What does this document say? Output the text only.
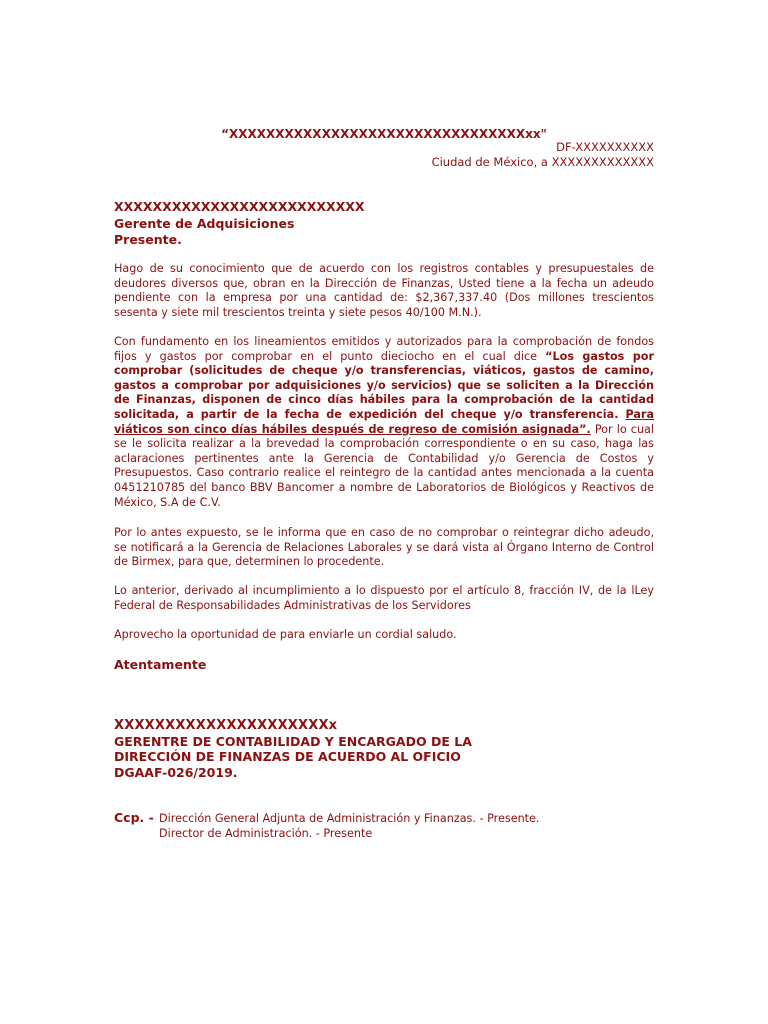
“XXXXXXXXXXXXXXXXXXXXXXXXXXXXXXXXxx"
DF-XXXXXXXXXX
Ciudad de México, a XXXXXXXXXXXXX
XXXXXXXXXXXXXXXXXXXXXXXXXX
Gerente de Adquisiciones
Presente.
Hago de su conocimiento que de acuerdo con los registros contables y presupuestales de deudores diversos que, obran en la Dirección de Finanzas, Usted tiene a la fecha un adeudo pendiente con la empresa por una cantidad de: $2,367,337.40 (Dos millones trescientos sesenta y siete mil trescientos treinta y siete pesos 40/100 M.N.).
Con fundamento en los lineamientos emitidos y autorizados para la comprobación de fondos fijos y gastos por comprobar en el punto dieciocho en el cual dice “Los gastos por comprobar (solicitudes de cheque y/o transferencias, viáticos, gastos de camino, gastos a comprobar por adquisiciones y/o servicios) que se soliciten a la Dirección de Finanzas, disponen de cinco días hábiles para la comprobación de la cantidad solicitada, a partir de la fecha de expedición del cheque y/o transferencia. Para viáticos son cinco días hábiles después de regreso de comisión asignada”. Por lo cual se le solicita realizar a la brevedad la comprobación correspondiente o en su caso, haga las aclaraciones pertinentes ante la Gerencia de Contabilidad y/o Gerencia de Costos y Presupuestos. Caso contrario realice el reintegro de la cantidad antes mencionada a la cuenta 0451210785 del banco BBV Bancomer a nombre de Laboratorios de Biológicos y Reactivos de México, S.A de C.V.
Por lo antes expuesto, se le informa que en caso de no comprobar o reintegrar dicho adeudo, se notificará a la Gerencia de Relaciones Laborales y se dará vista al Órgano Interno de Control de Birmex, para que, determinen lo procedente.
Lo anterior, derivado al incumplimiento a lo dispuesto por el artículo 8, fracción IV, de la lLey Federal de Responsabilidades Administrativas de los Servidores
Aprovecho la oportunidad de para enviarle un cordial saludo.
Atentamente
XXXXXXXXXXXXXXXXXXXXXx
GERENTRE DE CONTABILIDAD Y ENCARGADO DE LA
DIRECCIÓN DE FINANZAS DE ACUERDO AL OFICIO
DGAAF-026/2019.
Ccp. - Dirección General Adjunta de Administración y Finanzas. - Presente.
Director de Administración. - Presente
